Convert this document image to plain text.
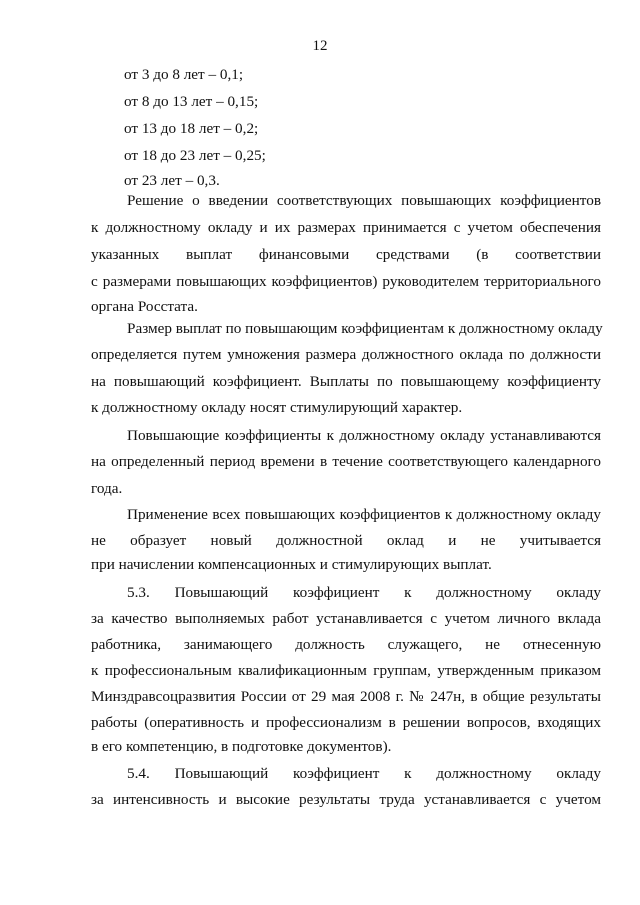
12
от 3 до 8 лет – 0,1;
от 8 до 13 лет – 0,15;
от 13 до 18 лет – 0,2;
от 18 до 23 лет – 0,25;
от 23 лет – 0,3.
Решение о введении соответствующих повышающих коэффициентов
к должностному окладу и их размерах принимается с учетом обеспечения
указанных выплат финансовыми средствами (в соответствии
с размерами повышающих коэффициентов) руководителем территориального
органа Росстата.
Размер выплат по повышающим коэффициентам к должностному окладу
определяется путем умножения размера должностного оклада по должности
на повышающий коэффициент. Выплаты по повышающему коэффициенту
к должностному окладу носят стимулирующий характер.
Повышающие коэффициенты к должностному окладу устанавливаются
на определенный период времени в течение соответствующего календарного
года.
Применение всех повышающих коэффициентов к должностному окладу
не образует новый должностной оклад и не учитывается
при начислении компенсационных и стимулирующих выплат.
5.3. Повышающий коэффициент к должностному окладу
за качество выполняемых работ устанавливается с учетом личного вклада
работника, занимающего должность служащего, не отнесенную
к профессиональным квалификационным группам, утвержденным приказом
Минздравсоцразвития России от 29 мая 2008 г. № 247н, в общие результаты
работы (оперативность и профессионализм в решении вопросов, входящих
в его компетенцию, в подготовке документов).
5.4. Повышающий коэффициент к должностному окладу
за интенсивность и высокие результаты труда устанавливается с учетом
